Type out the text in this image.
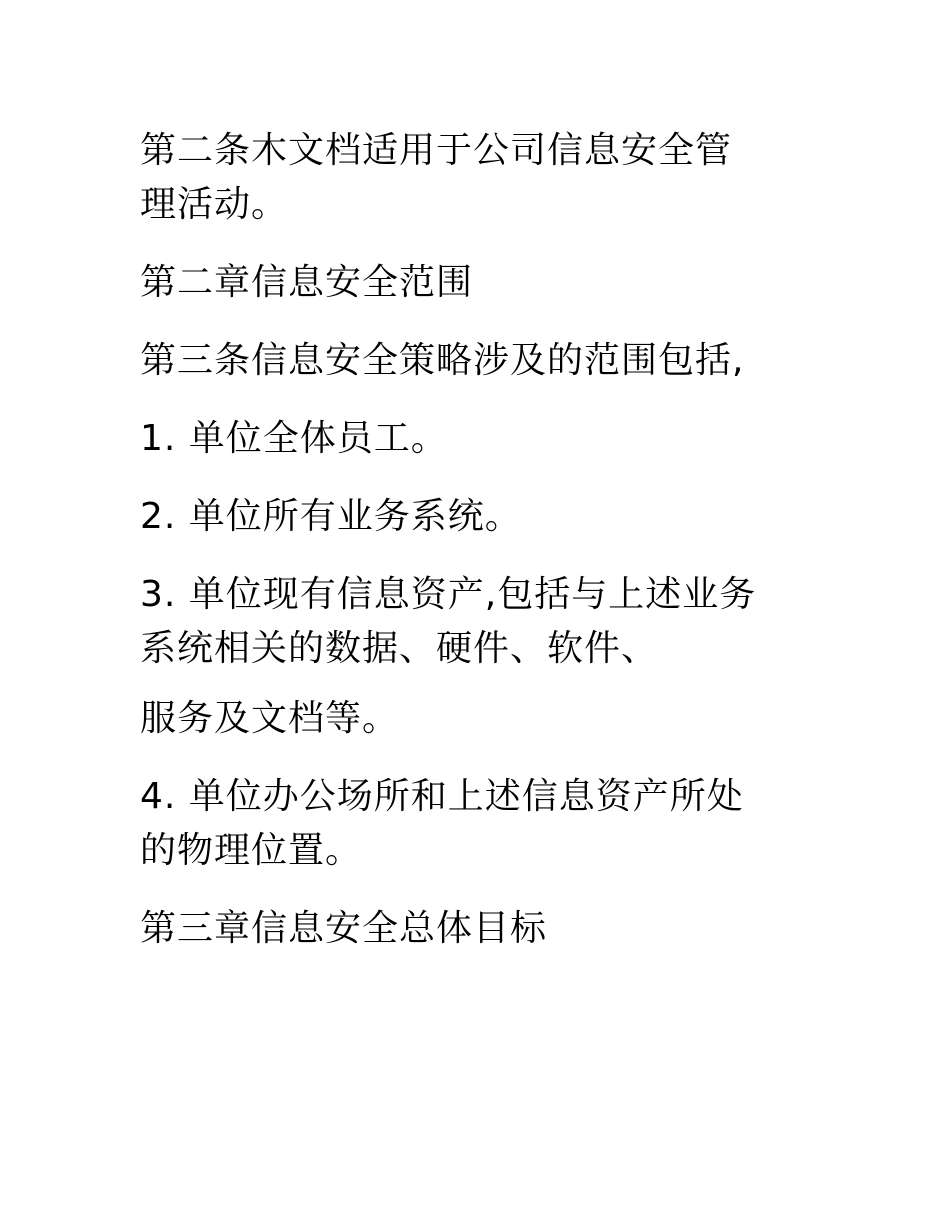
第二条木文档适用于公司信息安全管
理活动。

第二章信息安全范围

第三条信息安全策略涉及的范围包括,

1. 单位全体员工。

2. 单位所有业务系统。

3. 单位现有信息资产,包括与上述业务
系统相关的数据、硬件、软件、

服务及文档等。

4. 单位办公场所和上述信息资产所处
的物理位置。

第三章信息安全总体目标
